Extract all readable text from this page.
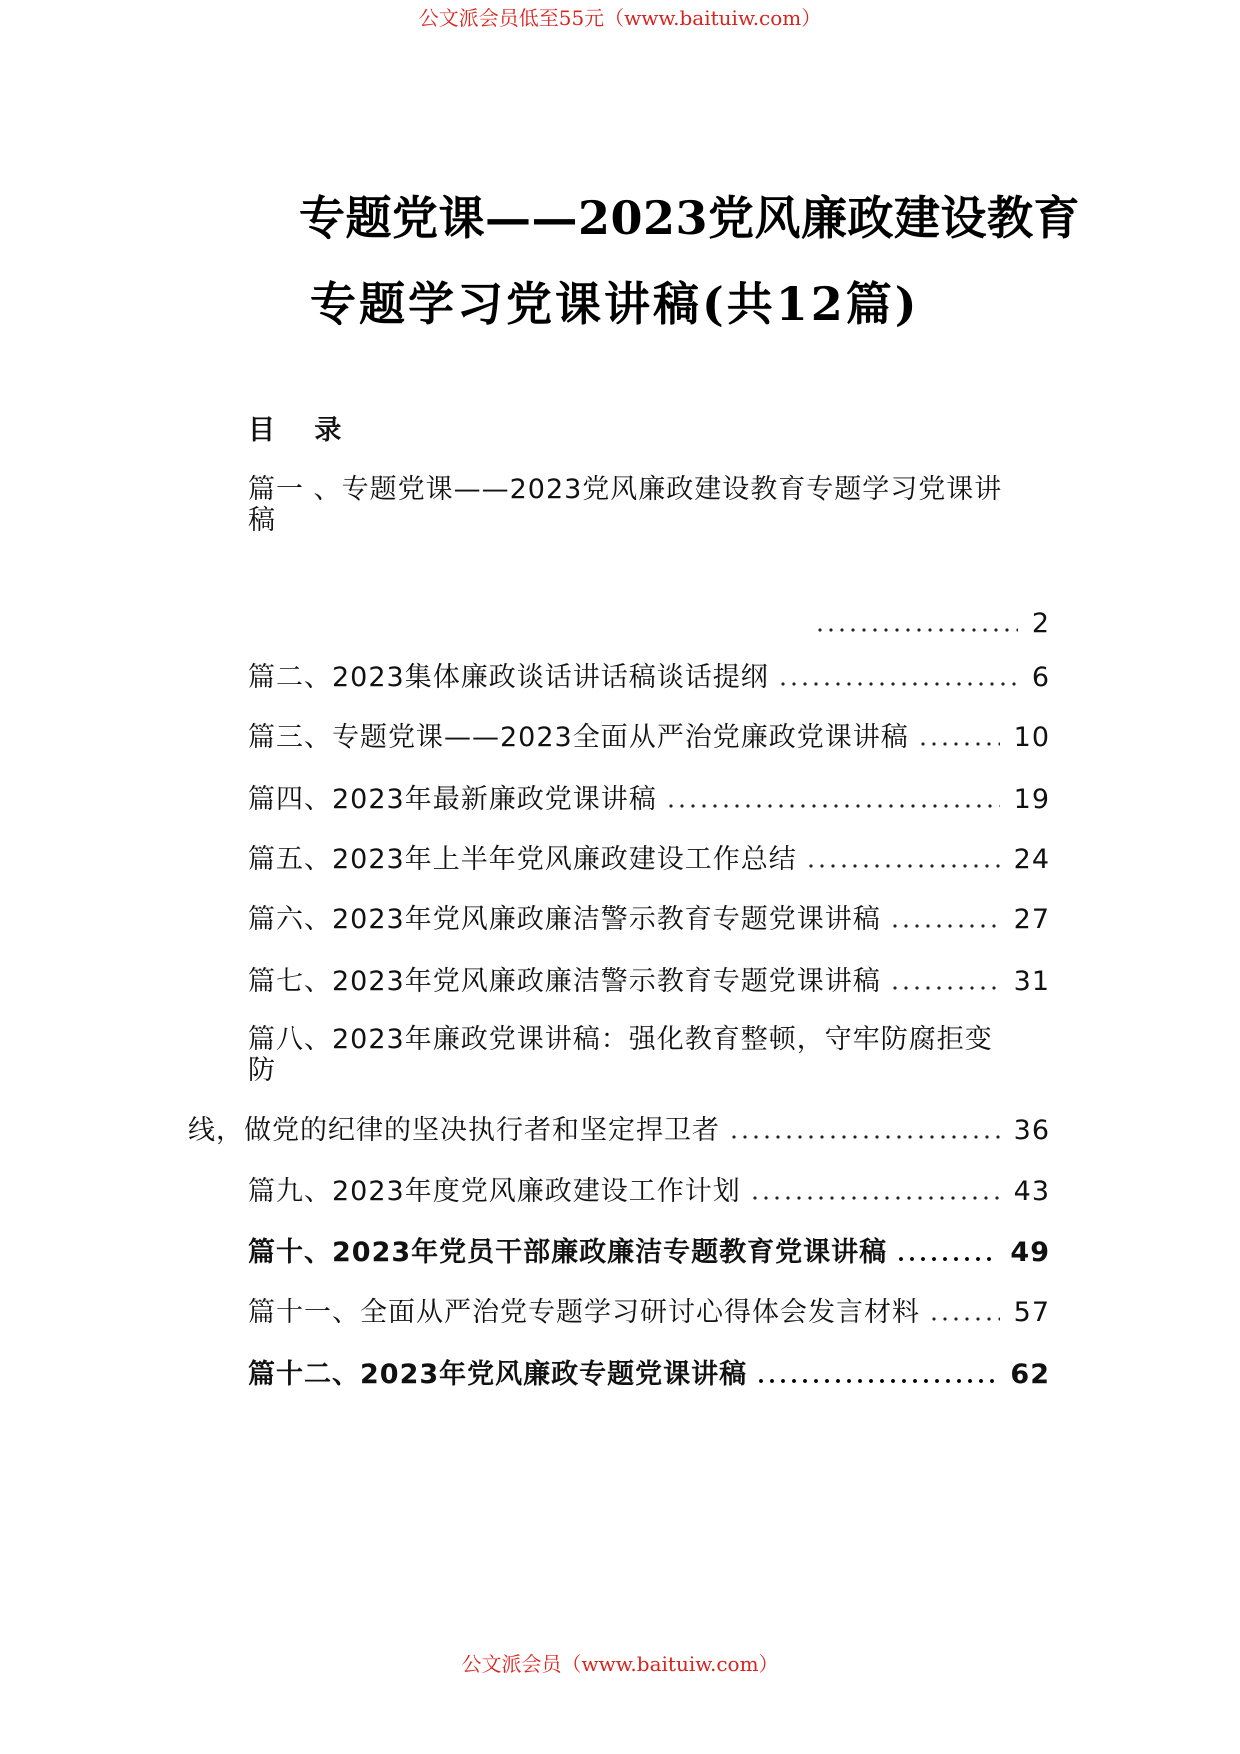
公文派会员低至55元（www.baituiw.com）
专题党课——2023党风廉政建设教育
专题学习党课讲稿(共12篇)
目 录
篇一 、专题党课——2023党风廉政建设教育专题学习党课讲
稿
2
篇二、2023集体廉政谈话讲话稿谈话提纲	6
篇三、专题党课——2023全面从严治党廉政党课讲稿	10
篇四、2023年最新廉政党课讲稿	19
篇五、2023年上半年党风廉政建设工作总结	24
篇六、2023年党风廉政廉洁警示教育专题党课讲稿	27
篇七、2023年党风廉政廉洁警示教育专题党课讲稿	31
篇八、2023年廉政党课讲稿：强化教育整顿，守牢防腐拒变
防
线，做党的纪律的坚决执行者和坚定捍卫者	36
篇九、2023年度党风廉政建设工作计划	43
篇十、2023年党员干部廉政廉洁专题教育党课讲稿	49
篇十一、全面从严治党专题学习研讨心得体会发言材料	57
篇十二、2023年党风廉政专题党课讲稿	62
公文派会员（www.baituiw.com）
